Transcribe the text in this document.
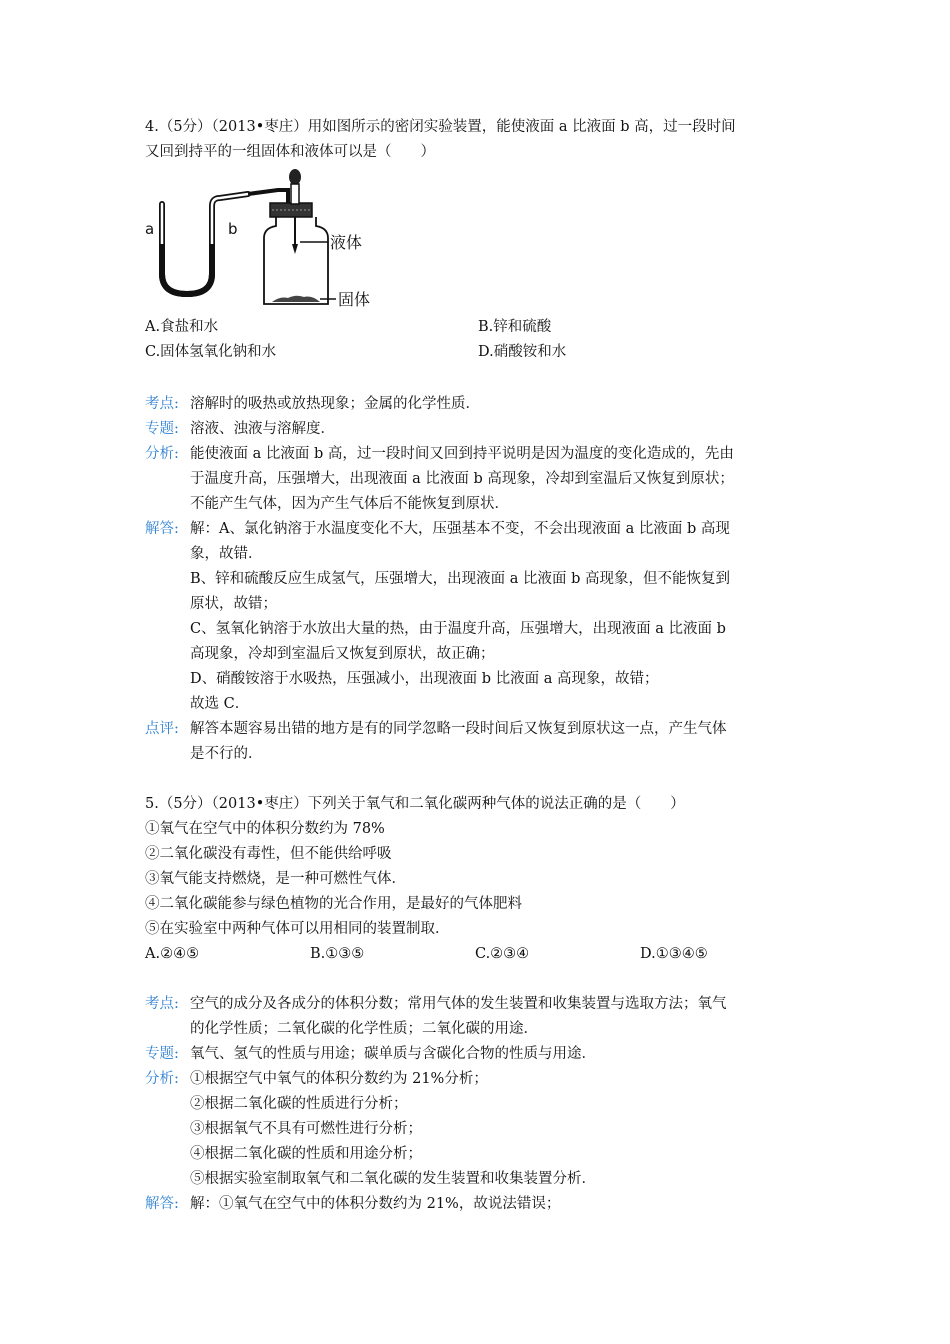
4.（5分）（2013•枣庄）用如图所示的密闭实验装置，能使液面 a 比液面 b 高，过一段时间
又回到持平的一组固体和液体可以是（　　）
a	b
液体
固体
A.食盐和水	B.锌和硫酸
C.固体氢氧化钠和水	D.硝酸铵和水
考点: 溶解时的吸热或放热现象；金属的化学性质．
专题: 溶液、浊液与溶解度．
分析: 能使液面 a 比液面 b 高，过一段时间又回到持平说明是因为温度的变化造成的，先由
于温度升高，压强增大，出现液面 a 比液面 b 高现象，冷却到室温后又恢复到原状；
不能产生气体，因为产生气体后不能恢复到原状．
解答: 解：A、氯化钠溶于水温度变化不大，压强基本不变，不会出现液面 a 比液面 b 高现
象，故错．
B、锌和硫酸反应生成氢气，压强增大，出现液面 a 比液面 b 高现象，但不能恢复到
原状，故错；
C、氢氧化钠溶于水放出大量的热，由于温度升高，压强增大，出现液面 a 比液面 b
高现象，冷却到室温后又恢复到原状，故正确；
D、硝酸铵溶于水吸热，压强减小，出现液面 b 比液面 a 高现象，故错；
故选 C．
点评: 解答本题容易出错的地方是有的同学忽略一段时间后又恢复到原状这一点，产生气体
是不行的．
5.（5分）（2013•枣庄）下列关于氧气和二氧化碳两种气体的说法正确的是（　　）
①氧气在空气中的体积分数约为 78%
②二氧化碳没有毒性，但不能供给呼吸
③氧气能支持燃烧，是一种可燃性气体．
④二氧化碳能参与绿色植物的光合作用，是最好的气体肥料
⑤在实验室中两种气体可以用相同的装置制取．
A.②④⑤	B.①③⑤	C.②③④	D.①③④⑤
考点: 空气的成分及各成分的体积分数；常用气体的发生装置和收集装置与选取方法；氧气
的化学性质；二氧化碳的化学性质；二氧化碳的用途．
专题: 氧气、氢气的性质与用途；碳单质与含碳化合物的性质与用途．
分析: ①根据空气中氧气的体积分数约为 21%分析；
②根据二氧化碳的性质进行分析；
③根据氧气不具有可燃性进行分析；
④根据二氧化碳的性质和用途分析；
⑤根据实验室制取氧气和二氧化碳的发生装置和收集装置分析．
解答: 解：①氧气在空气中的体积分数约为 21%，故说法错误；
